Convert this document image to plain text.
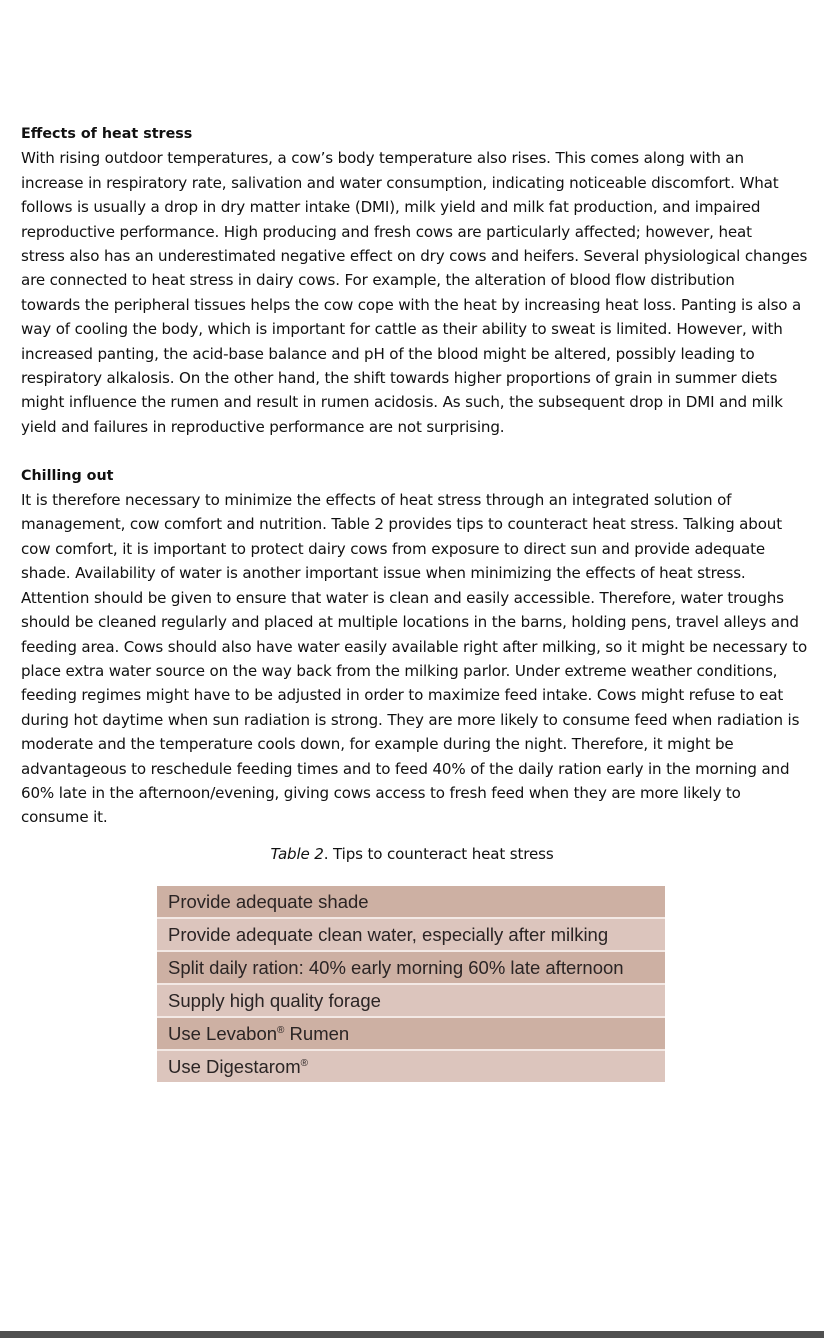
Effects of heat stress

With rising outdoor temperatures, a cow’s body temperature also rises. This comes along with an

increase in respiratory rate, salivation and water consumption, indicating noticeable discomfort. What

follows is usually a drop in dry matter intake (DMI), milk yield and milk fat production, and impaired

reproductive performance. High producing and fresh cows are particularly affected; however, heat

stress also has an underestimated negative effect on dry cows and heifers. Several physiological changes

are connected to heat stress in dairy cows. For example, the alteration of blood flow distribution

towards the peripheral tissues helps the cow cope with the heat by increasing heat loss. Panting is also a

way of cooling the body, which is important for cattle as their ability to sweat is limited. However, with

increased panting, the acid-base balance and pH of the blood might be altered, possibly leading to

respiratory alkalosis. On the other hand, the shift towards higher proportions of grain in summer diets

might influence the rumen and result in rumen acidosis. As such, the subsequent drop in DMI and milk

yield and failures in reproductive performance are not surprising.

Chilling out

It is therefore necessary to minimize the effects of heat stress through an integrated solution of

management, cow comfort and nutrition. Table 2 provides tips to counteract heat stress. Talking about

cow comfort, it is important to protect dairy cows from exposure to direct sun and provide adequate

shade. Availability of water is another important issue when minimizing the effects of heat stress.

Attention should be given to ensure that water is clean and easily accessible. Therefore, water troughs

should be cleaned regularly and placed at multiple locations in the barns, holding pens, travel alleys and

feeding area. Cows should also have water easily available right after milking, so it might be necessary to

place extra water source on the way back from the milking parlor. Under extreme weather conditions,

feeding regimes might have to be adjusted in order to maximize feed intake. Cows might refuse to eat

during hot daytime when sun radiation is strong. They are more likely to consume feed when radiation is

moderate and the temperature cools down, for example during the night. Therefore, it might be

advantageous to reschedule feeding times and to feed 40% of the daily ration early in the morning and

60% late in the afternoon/evening, giving cows access to fresh feed when they are more likely to

consume it.

Table 2. Tips to counteract heat stress
Provide adequate shade
Provide adequate clean water, especially after milking
Split daily ration: 40% early morning 60% late afternoon
Supply high quality forage
Use Levabon® Rumen
Use Digestarom®
